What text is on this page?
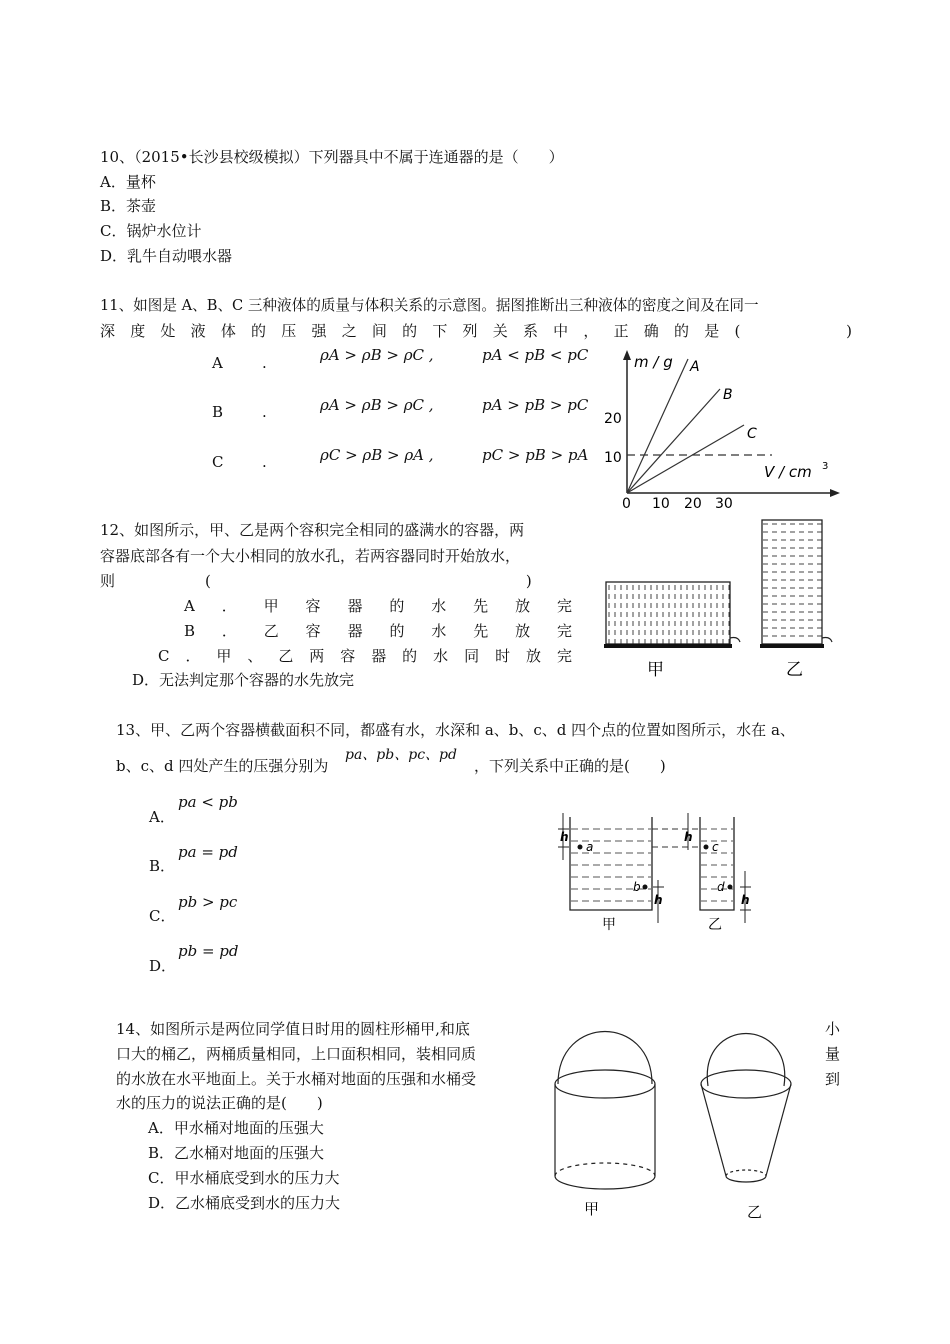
10、（2015•长沙县校级模拟）下列器具中不属于连通器的是（　　）
A．量杯
B．茶壶
C．锅炉水位计
D．乳牛自动喂水器
11、如图是 A、B、C 三种液体的质量与体积关系的示意图。据图推断出三种液体的密度之间及在同一
深度处液体的压强之间的下列关系中，正确的是(　　　)
A	.	ρA > ρB > ρC ,	pA < pB < pC
B	.	ρA > ρB > ρC ,	pA > pB > pC
C	.	ρC > ρB > ρA ,	pC > pB > pA
m / g
V / cm 3
20
10
0 10 20 30
A
B
C
12、如图所示，甲、乙是两个容积完全相同的盛满水的容器，两
容器底部各有一个大小相同的放水孔，若两容器同时开始放水，
则　　　　　　(　　　　　　　　　　　　　　　　　　　　　)
A．甲容器的水先放完
B．乙容器的水先放完
C．甲、乙两容器的水同时放完
D．无法判定那个容器的水先放完	甲	乙
13、甲、乙两个容器横截面积不同，都盛有水，水深和 a、b、c、d 四个点的位置如图所示，水在 a、
b、c、d 四处产生的压强分别为
pa、pb、pc、pd
，下列关系中正确的是(　　)
A．
pa < pb
B．
pa = pd
C．
pb > pc
D．
pb = pd
h
a
b
h
h
c
d
h
甲	乙
14、如图所示是两位同学值日时用的圆柱形桶甲,和底
口大的桶乙，两桶质量相同，上口面积相同，装相同质
的水放在水平地面上。关于水桶对地面的压强和水桶受
水的压力的说法正确的是(　　)
小
量
到
A．甲水桶对地面的压强大
B．乙水桶对地面的压强大
C．甲水桶底受到水的压力大
D．乙水桶底受到水的压力大	甲	乙
